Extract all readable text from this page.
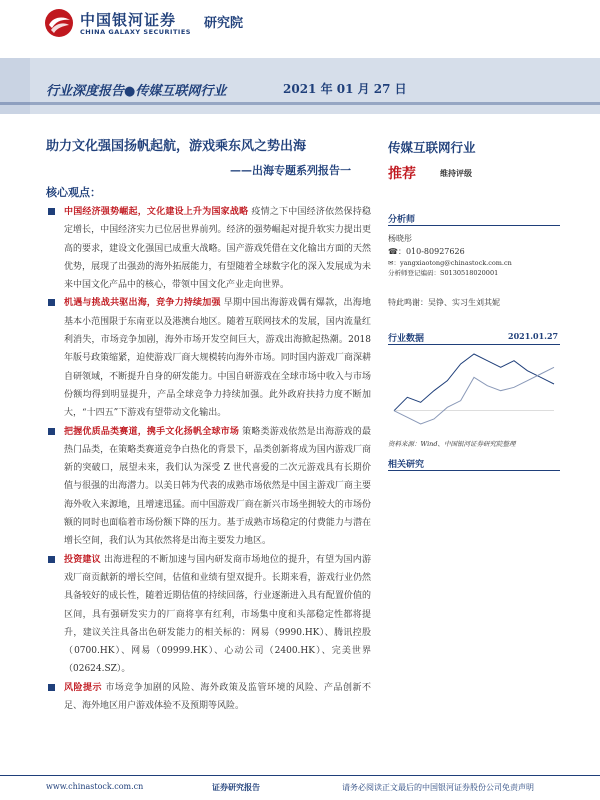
中国银河证券
CHINA GALAXY SECURITIES
研究院
行业深度报告●传媒互联网行业	2021 年 01 月 27 日
助力文化强国扬帆起航，游戏乘东风之势出海
——出海专题系列报告一
核心观点：
中国经济强势崛起，文化建设上升为国家战略 疫情之下中国经济依然保持稳定增长，中国经济实力已位居世界前列。经济的强势崛起对提升软实力提出更高的要求，建设文化强国已成重大战略。国产游戏凭借在文化输出方面的天然优势，展现了出强劲的海外拓展能力，有望随着全球数字化的深入发展成为未来中国文化产品中的核心，带领中国文化产业走向世界。
机遇与挑战共驱出海，竞争力持续加强 早期中国出海游戏偶有爆款，出海地基本小范围限于东南亚以及港澳台地区。随着互联网技术的发展，国内流量红利消失，市场竞争加剧，海外市场开发空间巨大，游戏出海掀起热潮。2018 年版号政策缩紧，迫使游戏厂商大规模转向海外市场。同时国内游戏厂商深耕自研领域，不断提升自身的研发能力。中国自研游戏在全球市场中收入与市场份额均得到明显提升，产品全球竞争力持续加强。此外政府扶持力度不断加大，“十四五”下游戏有望带动文化输出。
把握优质品类赛道，携手文化扬帆全球市场 策略类游戏依然是出海游戏的最热门品类，在策略类赛道竞争白热化的背景下，品类创新将成为国内游戏厂商新的突破口，展望未来，我们认为深受 Z 世代喜爱的二次元游戏具有长期价值与很强的出海潜力。以美日韩为代表的成熟市场依然是中国主游戏厂商主要海外收入来源地，且增速迅猛。而中国游戏厂商在新兴市场坐拥较大的市场份额的同时也面临着市场份额下降的压力。基于成熟市场稳定的付费能力与潜在增长空间，我们认为其依然将是出海主要发力地区。
投资建议 出海进程的不断加速与国内研发商市场地位的提升，有望为国内游戏厂商贡献新的增长空间，估值和业绩有望双提升。长期来看，游戏行业仍然具备较好的成长性，随着近期估值的持续回落，行业逐渐进入具有配置价值的区间，具有强研发实力的厂商将享有红利，市场集中度和头部稳定性都将提升，建议关注具备出色研发能力的相关标的：网易（9990.HK）、腾讯控股（0700.HK）、网易（09999.HK）、心动公司（2400.HK）、完美世界（02624.SZ）。
风险提示 市场竞争加剧的风险、海外政策及监管环境的风险、产品创新不足、海外地区用户游戏体验不及预期等风险。
传媒互联网行业
推荐	维持评级
分析师
杨晓彤
☎：010-80927626
✉：yangxiaotong@chinastock.com.cn
分析师登记编码：S0130518020001
特此鸣谢：吴铮、实习生刘其妮
行业数据	2021.01.27
资料来源：Wind、中国银河证券研究院整理
相关研究
www.chinastock.com.cn	证券研究报告	请务必阅读正文最后的中国银河证券股份公司免责声明
